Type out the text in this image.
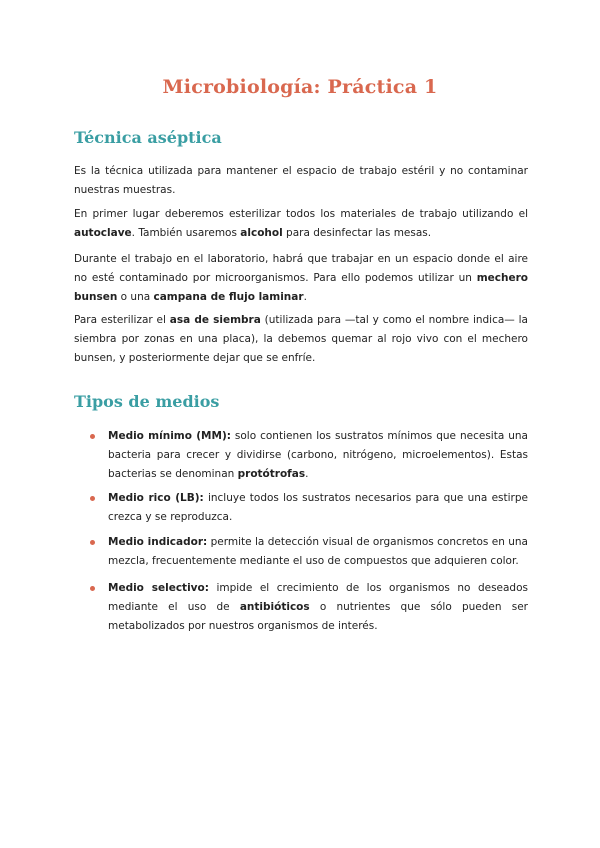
Microbiología: Práctica 1
Técnica aséptica

Es la técnica utilizada para mantener el espacio de trabajo estéril y no contaminar nuestras muestras.

En primer lugar deberemos esterilizar todos los materiales de trabajo utilizando el autoclave. También usaremos alcohol para desinfectar las mesas.

Durante el trabajo en el laboratorio, habrá que trabajar en un espacio donde el aire no esté contaminado por microorganismos. Para ello podemos utilizar un mechero bunsen o una campana de flujo laminar.

Para esterilizar el asa de siembra (utilizada para —tal y como el nombre indica— la siembra por zonas en una placa), la debemos quemar al rojo vivo con el mechero bunsen, y posteriormente dejar que se enfríe.

Tipos de medios
Medio mínimo (MM): solo contienen los sustratos mínimos que necesita una bacteria para crecer y dividirse (carbono, nitrógeno, microelementos). Estas bacterias se denominan protótrofas.
Medio rico (LB): incluye todos los sustratos necesarios para que una estirpe crezca y se reproduzca.
Medio indicador: permite la detección visual de organismos concretos en una mezcla, frecuentemente mediante el uso de compuestos que adquieren color.
Medio selectivo: impide el crecimiento de los organismos no deseados mediante el uso de antibióticos o nutrientes que sólo pueden ser metabolizados por nuestros organismos de interés.
